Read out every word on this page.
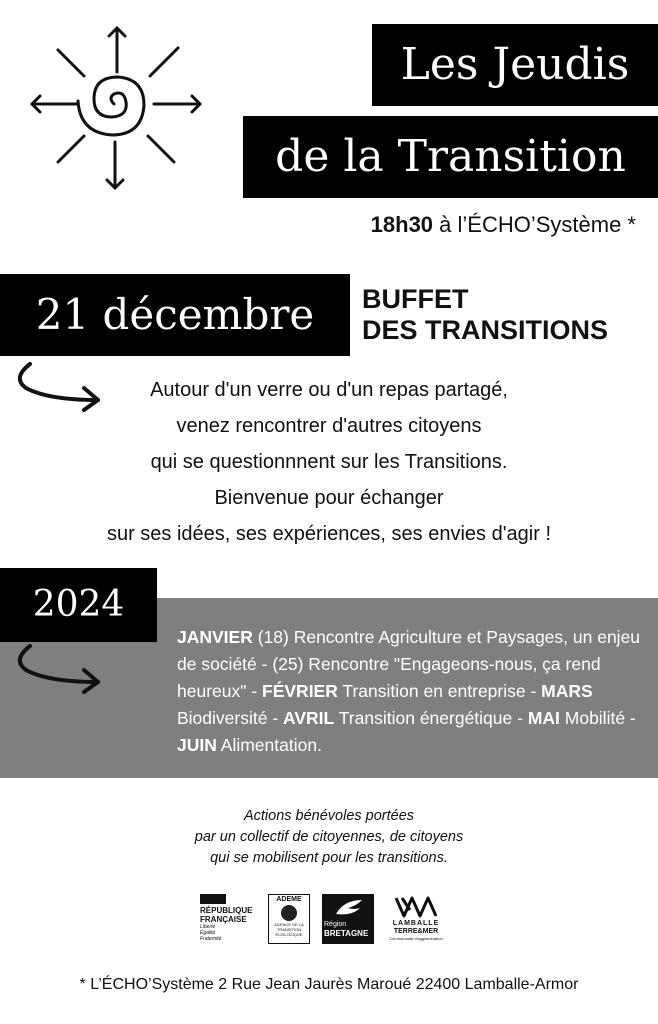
Les Jeudis
de la Transition
18h30 à l’ÉCHO’Système *
21 décembre	BUFFET
DES TRANSITIONS
Autour d'un verre ou d'un repas partagé,
venez rencontrer d'autres citoyens
qui se questionnnent sur les Transitions.
Bienvenue pour échanger
sur ses idées, ses expériences, ses envies d'agir !
2024
JANVIER (18) Rencontre Agriculture et Paysages, un enjeu de société - (25) Rencontre "Engageons-nous, ça rend heureux" - FÉVRIER Transition en entreprise - MARS Biodiversité - AVRIL Transition énergétique - MAI Mobilité - JUIN Alimentation.
Actions bénévoles portées
par un collectif de citoyennes, de citoyens
qui se mobilisent pour les transitions.
RÉPUBLIQUE
FRANÇAISE
Liberté
Égalité
Fraternité
ADEME
AGENCE DE LA
TRANSITION
ÉCOLOGIQUE
Région BRETAGNE
LAMBALLE
TERRE&MER
Communauté d'agglomération
* L’ÉCHO’Système 2 Rue Jean Jaurès Maroué 22400 Lamballe-Armor
